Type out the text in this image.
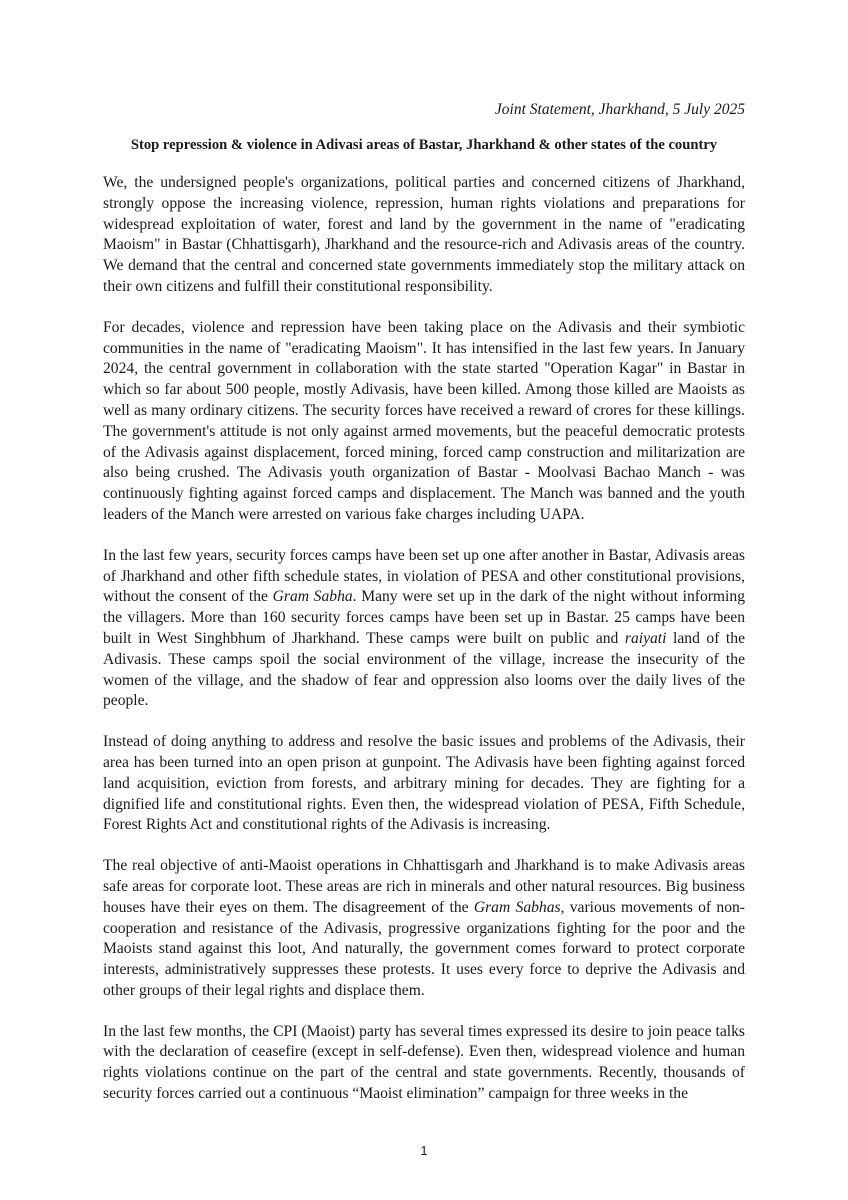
Joint Statement, Jharkhand, 5 July 2025
Stop repression & violence in Adivasi areas of Bastar, Jharkhand & other states of the country

We, the undersigned people's organizations, political parties and concerned citizens of Jharkhand, strongly oppose the increasing violence, repression, human rights violations and preparations for widespread exploitation of water, forest and land by the government in the name of "eradicating Maoism" in Bastar (Chhattisgarh), Jharkhand and the resource-rich and Adivasis areas of the country. We demand that the central and concerned state governments immediately stop the military attack on their own citizens and fulfill their constitutional responsibility.

For decades, violence and repression have been taking place on the Adivasis and their symbiotic communities in the name of "eradicating Maoism". It has intensified in the last few years. In January 2024, the central government in collaboration with the state started "Operation Kagar" in Bastar in which so far about 500 people, mostly Adivasis, have been killed. Among those killed are Maoists as well as many ordinary citizens. The security forces have received a reward of crores for these killings. The government's attitude is not only against armed movements, but the peaceful democratic protests of the Adivasis against displacement, forced mining, forced camp construction and militarization are also being crushed. The Adivasis youth organization of Bastar - Moolvasi Bachao Manch - was continuously fighting against forced camps and displacement. The Manch was banned and the youth leaders of the Manch were arrested on various fake charges including UAPA.

In the last few years, security forces camps have been set up one after another in Bastar, Adivasis areas of Jharkhand and other fifth schedule states, in violation of PESA and other constitutional provisions, without the consent of the Gram Sabha. Many were set up in the dark of the night without informing the villagers. More than 160 security forces camps have been set up in Bastar. 25 camps have been built in West Singhbhum of Jharkhand. These camps were built on public and raiyati land of the Adivasis. These camps spoil the social environment of the village, increase the insecurity of the women of the village, and the shadow of fear and oppression also looms over the daily lives of the people.

Instead of doing anything to address and resolve the basic issues and problems of the Adivasis, their area has been turned into an open prison at gunpoint. The Adivasis have been fighting against forced land acquisition, eviction from forests, and arbitrary mining for decades. They are fighting for a dignified life and constitutional rights. Even then, the widespread violation of PESA, Fifth Schedule, Forest Rights Act and constitutional rights of the Adivasis is increasing.

The real objective of anti-Maoist operations in Chhattisgarh and Jharkhand is to make Adivasis areas safe areas for corporate loot. These areas are rich in minerals and other natural resources. Big business houses have their eyes on them. The disagreement of the Gram Sabhas, various movements of non-cooperation and resistance of the Adivasis, progressive organizations fighting for the poor and the Maoists stand against this loot, And naturally, the government comes forward to protect corporate interests, administratively suppresses these protests. It uses every force to deprive the Adivasis and other groups of their legal rights and displace them.

In the last few months, the CPI (Maoist) party has several times expressed its desire to join peace talks with the declaration of ceasefire (except in self-defense). Even then, widespread violence and human rights violations continue on the part of the central and state governments. Recently, thousands of security forces carried out a continuous “Maoist elimination” campaign for three weeks in the

1
